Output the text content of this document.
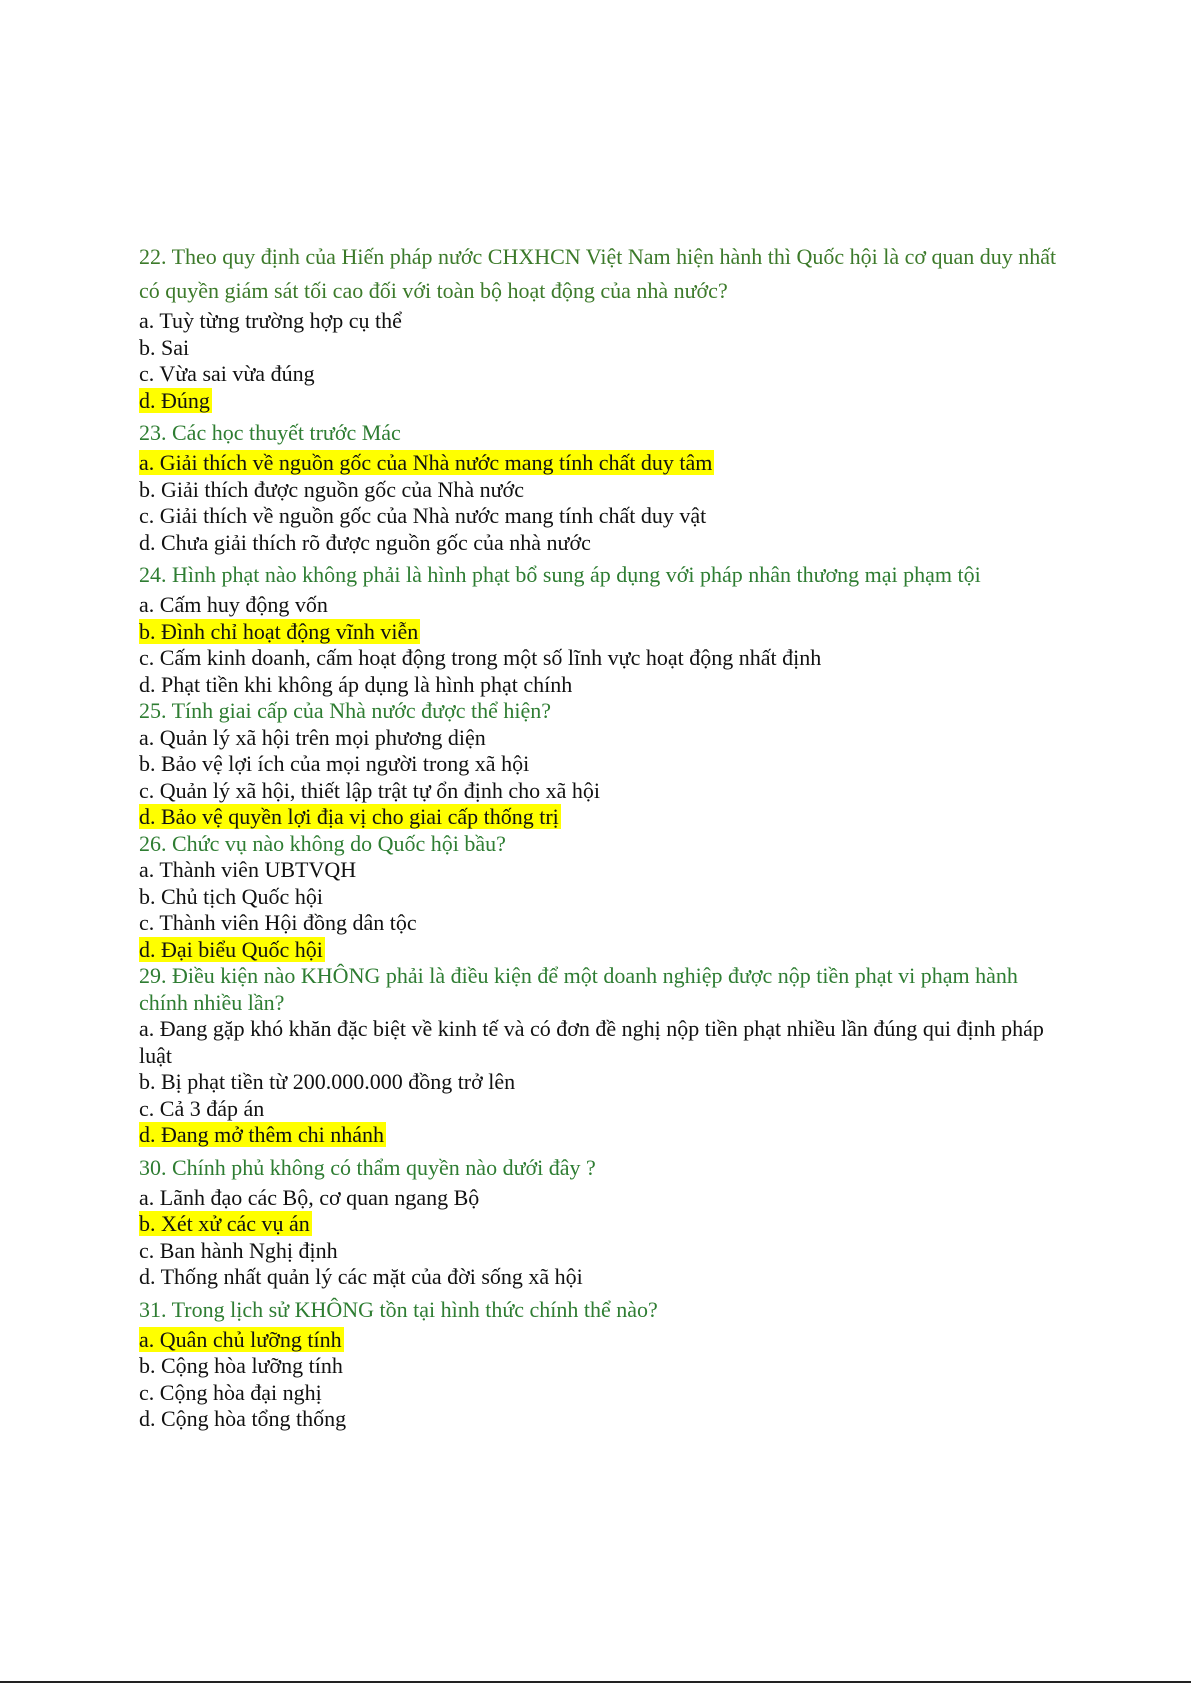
22. Theo quy định của Hiến pháp nước CHXHCN Việt Nam hiện hành thì Quốc hội là cơ quan duy nhất có quyền giám sát tối cao đối với toàn bộ hoạt động của nhà nước?

a. Tuỳ từng trường hợp cụ thể
b. Sai
c. Vừa sai vừa đúng
d. Đúng

23. Các học thuyết trước Mác

a. Giải thích về nguồn gốc của Nhà nước mang tính chất duy tâm
b. Giải thích được nguồn gốc của Nhà nước
c. Giải thích về nguồn gốc của Nhà nước mang tính chất duy vật
d. Chưa giải thích rõ được nguồn gốc của nhà nước

24. Hình phạt nào không phải là hình phạt bổ sung áp dụng với pháp nhân thương mại phạm tội

a. Cấm huy động vốn
b. Đình chỉ hoạt động vĩnh viễn
c. Cấm kinh doanh, cấm hoạt động trong một số lĩnh vực hoạt động nhất định
d. Phạt tiền khi không áp dụng là hình phạt chính

25. Tính giai cấp của Nhà nước được thể hiện?

a. Quản lý xã hội trên mọi phương diện
b. Bảo vệ lợi ích của mọi người trong xã hội
c. Quản lý xã hội, thiết lập trật tự ổn định cho xã hội
d. Bảo vệ quyền lợi địa vị cho giai cấp thống trị

26. Chức vụ nào không do Quốc hội bầu?

a. Thành viên UBTVQH
b. Chủ tịch Quốc hội
c. Thành viên Hội đồng dân tộc
d. Đại biểu Quốc hội

29. Điều kiện nào KHÔNG phải là điều kiện để một doanh nghiệp được nộp tiền phạt vi phạm hành chính nhiều lần?

a. Đang gặp khó khăn đặc biệt về kinh tế và có đơn đề nghị nộp tiền phạt nhiều lần đúng qui định pháp luật
b. Bị phạt tiền từ 200.000.000 đồng trở lên
c. Cả 3 đáp án
d. Đang mở thêm chi nhánh

30. Chính phủ không có thẩm quyền nào dưới đây ?

a. Lãnh đạo các Bộ, cơ quan ngang Bộ
b. Xét xử các vụ án
c. Ban hành Nghị định
d. Thống nhất quản lý các mặt của đời sống xã hội

31. Trong lịch sử KHÔNG tồn tại hình thức chính thể nào?

a. Quân chủ lưỡng tính
b. Cộng hòa lưỡng tính
c. Cộng hòa đại nghị
d. Cộng hòa tổng thống
